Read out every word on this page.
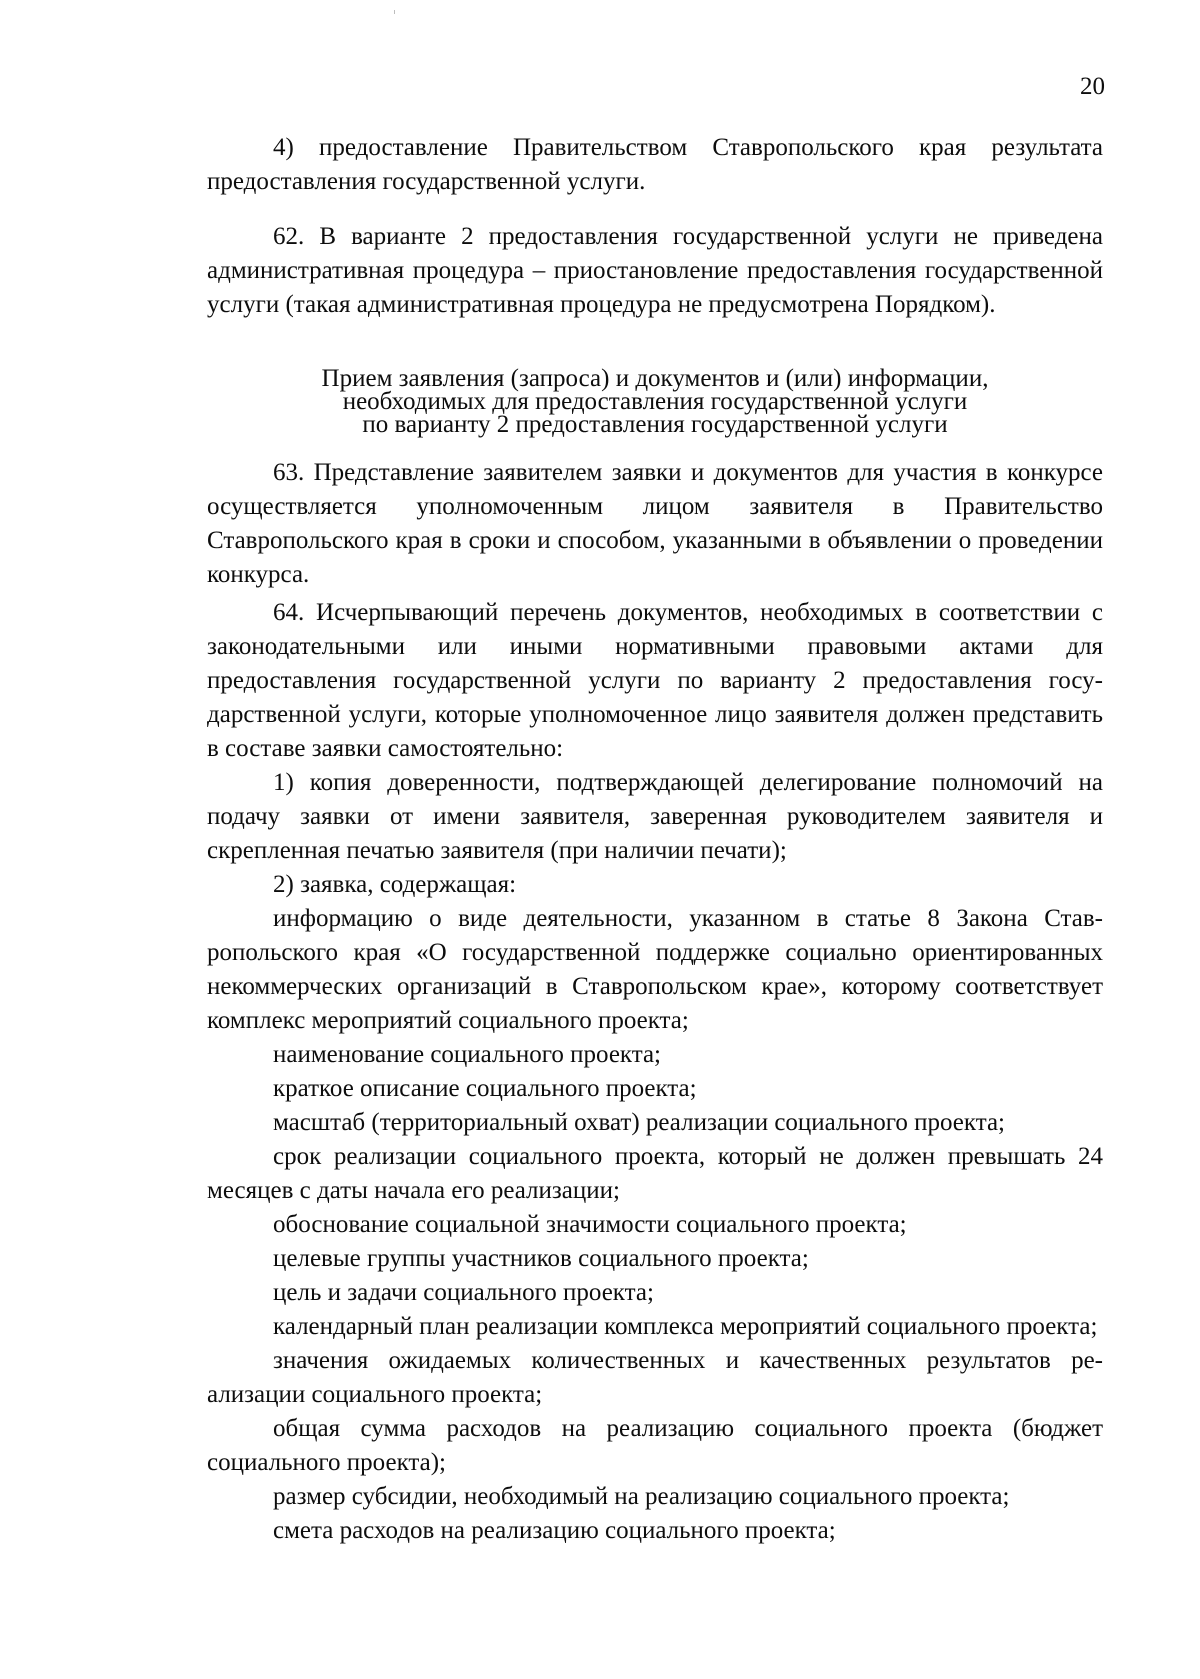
20

4) предоставление Правительством Ставропольского края результата предоставления государственной услуги.

62. В варианте 2 предоставления государственной услуги не приведена административная процедура – приостановление предоставления государственной услуги (такая административная процедура не предусмотрена Порядком).

Прием заявления (запроса) и документов и (или) информации,
необходимых для предоставления государственной услуги
по варианту 2 предоставления государственной услуги

63. Представление заявителем заявки и документов для участия в конкурсе осуществляется уполномоченным лицом заявителя в Правительство Ставропольского края в сроки и способом, указанными в объявлении о проведении конкурса.

64. Исчерпывающий перечень документов, необходимых в соответствии с законодательными или иными нормативными правовыми актами для предоставления государственной услуги по варианту 2 предоставления государственной услуги, которые уполномоченное лицо заявителя должен представить в составе заявки самостоятельно:

1) копия доверенности, подтверждающей делегирование полномочий на подачу заявки от имени заявителя, заверенная руководителем заявителя и скрепленная печатью заявителя (при наличии печати);

2) заявка, содержащая:

информацию о виде деятельности, указанном в статье 8 Закона Ставропольского края «О государственной поддержке социально ориентированных некоммерческих организаций в Ставропольском крае», которому соответствует комплекс мероприятий социального проекта;

наименование социального проекта;

краткое описание социального проекта;

масштаб (территориальный охват) реализации социального проекта;

срок реализации социального проекта, который не должен превышать 24 месяцев с даты начала его реализации;

обоснование социальной значимости социального проекта;

целевые группы участников социального проекта;

цель и задачи социального проекта;

календарный план реализации комплекса мероприятий социального проекта;

значения ожидаемых количественных и качественных результатов реализации социального проекта;

общая сумма расходов на реализацию социального проекта (бюджет социального проекта);

размер субсидии, необходимый на реализацию социального проекта;

смета расходов на реализацию социального проекта;
